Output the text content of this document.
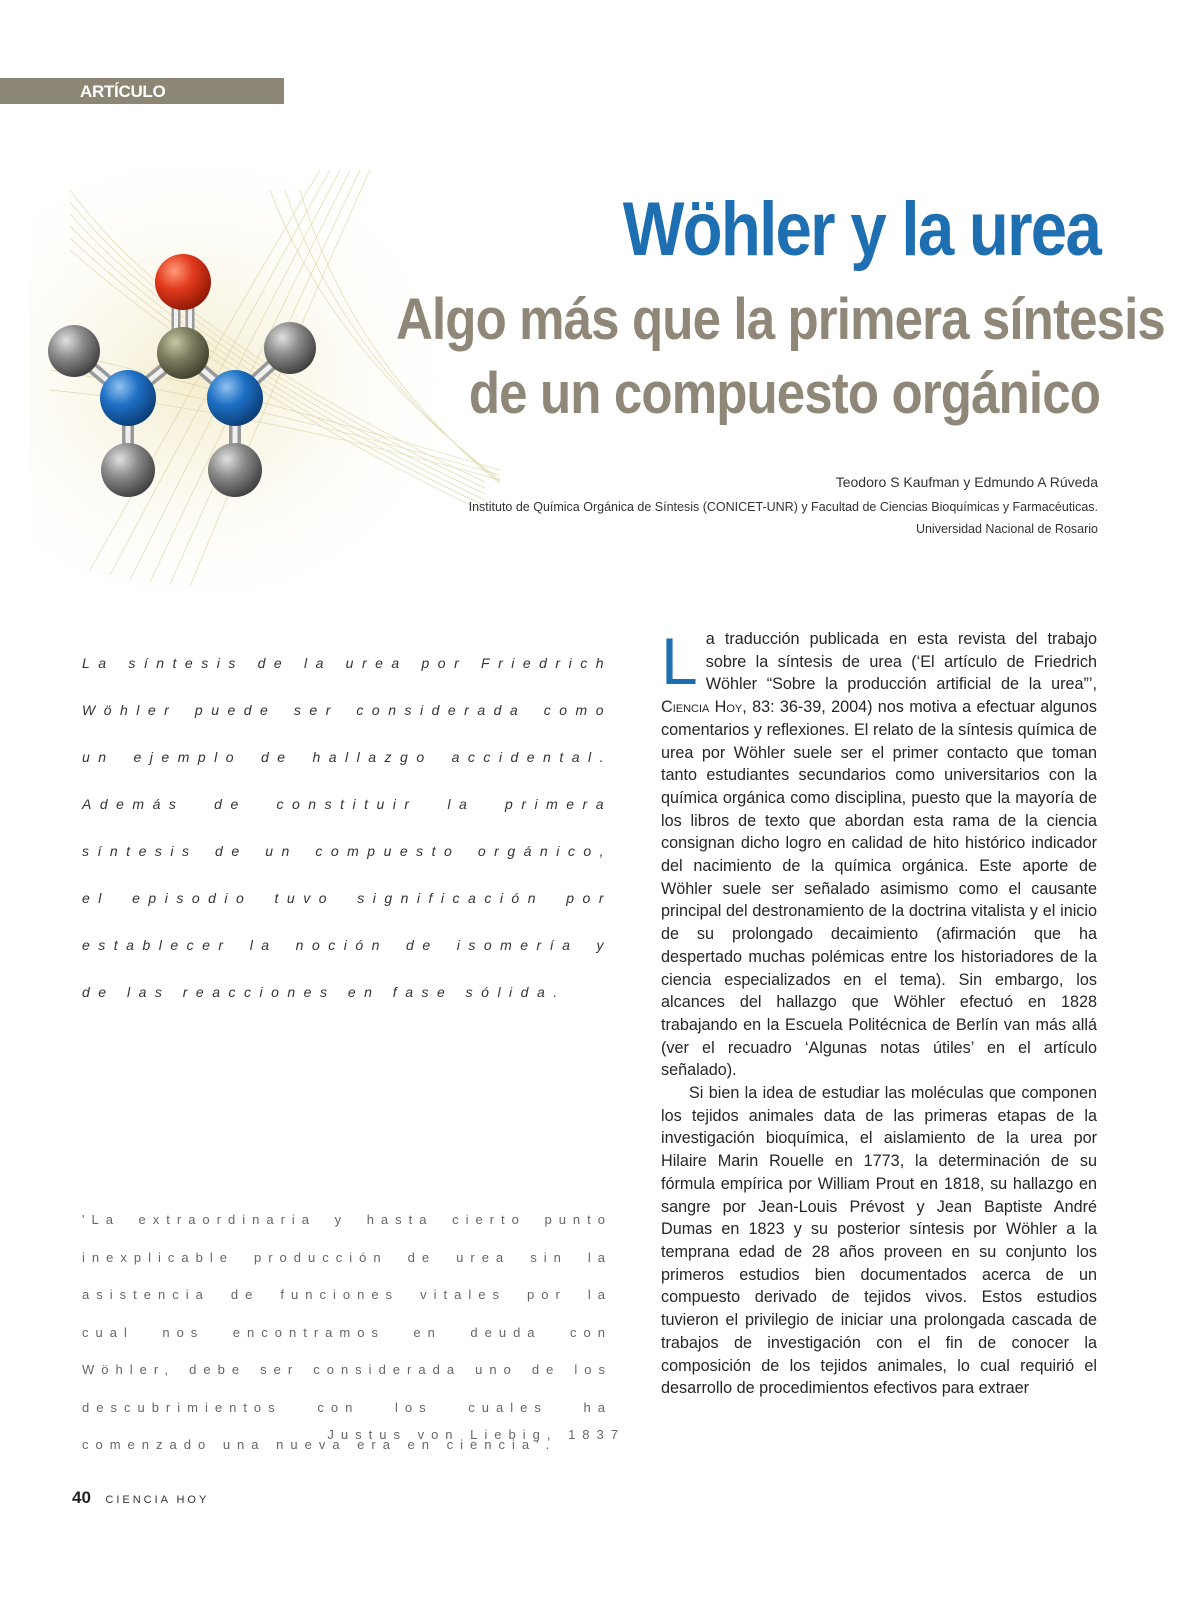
ARTÍCULO
Wöhler y la urea
Algo más que la primera síntesis
de un compuesto orgánico
Teodoro S Kaufman y Edmundo A Rúveda
Instituto de Química Orgánica de Síntesis (CONICET-UNR) y Facultad de Ciencias Bioquímicas y Farmacéuticas.
Universidad Nacional de Rosario
La síntesis de la urea por Friedrich Wöhler puede ser considerada como un ejemplo de hallazgo accidental. Además de constituir la primera síntesis de un compuesto orgánico, el episodio tuvo significación por establecer la noción de isomería y de las reacciones en fase sólida.
'La extraordinaria y hasta cierto punto inexplicable producción de urea sin la asistencia de funciones vitales por la cual nos encontramos en deuda con Wöhler, debe ser considerada uno de los descubrimientos con los cuales ha comenzado una nueva era en ciencia'.
Justus von Liebig, 1837

La traducción publicada en esta revista del trabajo sobre la síntesis de urea (‘El artículo de Friedrich Wöhler “Sobre la producción artificial de la urea”’, Ciencia Hoy, 83: 36-39, 2004) nos motiva a efectuar algunos comentarios y reflexiones. El relato de la síntesis química de urea por Wöhler suele ser el primer contacto que toman tanto estudiantes secundarios como universitarios con la química orgánica como disciplina, puesto que la mayoría de los libros de texto que abordan esta rama de la ciencia consignan dicho logro en calidad de hito histórico indicador del nacimiento de la química orgánica. Este aporte de Wöhler suele ser señalado asimismo como el causante principal del destronamiento de la doctrina vitalista y el inicio de su prolongado decaimiento (afirmación que ha despertado muchas polémicas entre los historiadores de la ciencia especializados en el tema). Sin embargo, los alcances del hallazgo que Wöhler efectuó en 1828 trabajando en la Escuela Politécnica de Berlín van más allá (ver el recuadro ‘Algunas notas útiles’ en el artículo señalado).

Si bien la idea de estudiar las moléculas que componen los tejidos animales data de las primeras etapas de la investigación bioquímica, el aislamiento de la urea por Hilaire Marin Rouelle en 1773, la determinación de su fórmula empírica por William Prout en 1818, su hallazgo en sangre por Jean-Louis Prévost y Jean Baptiste André Dumas en 1823 y su posterior síntesis por Wöhler a la temprana edad de 28 años proveen en su conjunto los primeros estudios bien documentados acerca de un compuesto derivado de tejidos vivos. Estos estudios tuvieron el privilegio de iniciar una prolongada cascada de trabajos de investigación con el fin de conocer la composición de los tejidos animales, lo cual requirió el desarrollo de procedimientos efectivos para extraer

40 CIENCIA HOY
